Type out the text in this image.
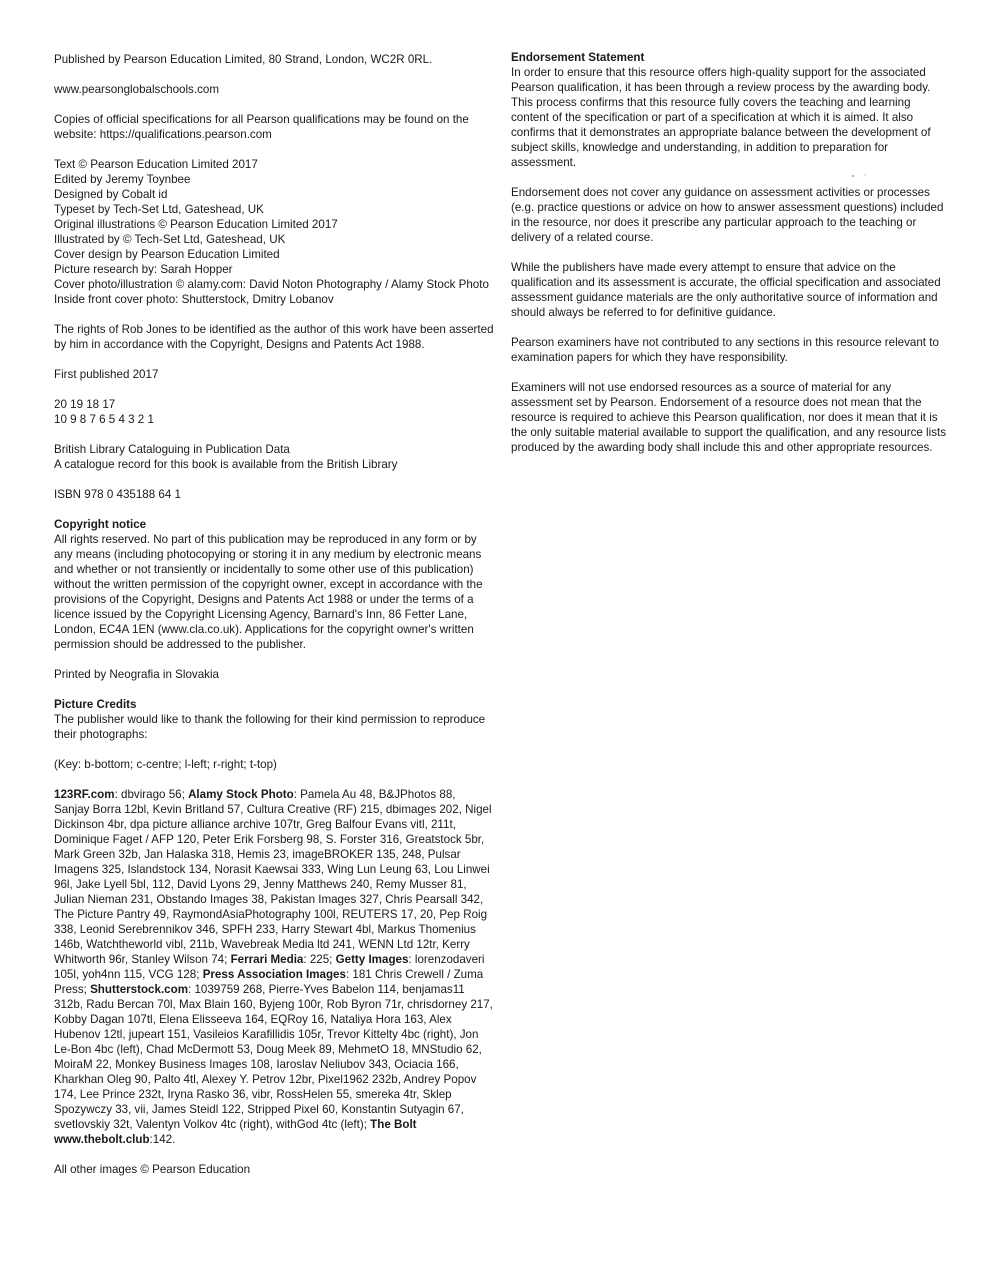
Published by Pearson Education Limited, 80 Strand, London, WC2R 0RL.

www.pearsonglobalschools.com

Copies of official specifications for all Pearson qualifications may be found on the website: https://qualifications.pearson.com

Text © Pearson Education Limited 2017
Edited by Jeremy Toynbee
Designed by Cobalt id
Typeset by Tech-Set Ltd, Gateshead, UK
Original illustrations © Pearson Education Limited 2017
Illustrated by © Tech-Set Ltd, Gateshead, UK
Cover design by Pearson Education Limited
Picture research by: Sarah Hopper
Cover photo/illustration © alamy.com: David Noton Photography / Alamy Stock Photo
Inside front cover photo: Shutterstock, Dmitry Lobanov

The rights of Rob Jones to be identified as the author of this work have been asserted by him in accordance with the Copyright, Designs and Patents Act 1988.

First published 2017

20 19 18 17
10 9 8 7 6 5 4 3 2 1

British Library Cataloguing in Publication Data
A catalogue record for this book is available from the British Library

ISBN 978 0 435188 64 1

Copyright notice

All rights reserved. No part of this publication may be reproduced in any form or by any means (including photocopying or storing it in any medium by electronic means and whether or not transiently or incidentally to some other use of this publication) without the written permission of the copyright owner, except in accordance with the provisions of the Copyright, Designs and Patents Act 1988 or under the terms of a licence issued by the Copyright Licensing Agency, Barnard's Inn, 86 Fetter Lane, London, EC4A 1EN (www.cla.co.uk). Applications for the copyright owner's written permission should be addressed to the publisher.

Printed by Neografia in Slovakia

Picture Credits

The publisher would like to thank the following for their kind permission to reproduce their photographs:

(Key: b-bottom; c-centre; l-left; r-right; t-top)

123RF.com: dbvirago 56; Alamy Stock Photo: Pamela Au 48, B&JPhotos 88, Sanjay Borra 12bl, Kevin Britland 57, Cultura Creative (RF) 215, dbimages 202, Nigel Dickinson 4br, dpa picture alliance archive 107tr, Greg Balfour Evans vitl, 211t, Dominique Faget / AFP 120, Peter Erik Forsberg 98, S. Forster 316, Greatstock 5br, Mark Green 32b, Jan Halaska 318, Hemis 23, imageBROKER 135, 248, Pulsar Imagens 325, Islandstock 134, Norasit Kaewsai 333, Wing Lun Leung 63, Lou Linwei 96l, Jake Lyell 5bl, 112, David Lyons 29, Jenny Matthews 240, Remy Musser 81, Julian Nieman 231, Obstando Images 38, Pakistan Images 327, Chris Pearsall 342, The Picture Pantry 49, RaymondAsiaPhotography 100l, REUTERS 17, 20, Pep Roig 338, Leonid Serebrennikov 346, SPFH 233, Harry Stewart 4bl, Markus Thomenius 146b, Watchtheworld vibl, 211b, Wavebreak Media ltd 241, WENN Ltd 12tr, Kerry Whitworth 96r, Stanley Wilson 74; Ferrari Media: 225; Getty Images: lorenzodaveri 105l, yoh4nn 115, VCG 128; Press Association Images: 181 Chris Crewell / Zuma Press; Shutterstock.com: 1039759 268, Pierre-Yves Babelon 114, benjamas11 312b, Radu Bercan 70l, Max Blain 160, Byjeng 100r, Rob Byron 71r, chrisdorney 217, Kobby Dagan 107tl, Elena Elisseeva 164, EQRoy 16, Nataliya Hora 163, Alex Hubenov 12tl, jupeart 151, Vasileios Karafillidis 105r, Trevor Kittelty 4bc (right), Jon Le-Bon 4bc (left), Chad McDermott 53, Doug Meek 89, MehmetO 18, MNStudio 62, MoiraM 22, Monkey Business Images 108, Iaroslav Neliubov 343, Ociacia 166, Kharkhan Oleg 90, Palto 4tl, Alexey Y. Petrov 12br, Pixel1962 232b, Andrey Popov 174, Lee Prince 232t, Iryna Rasko 36, vibr, RossHelen 55, smereka 4tr, Sklep Spozywczy 33, vii, James Steidl 122, Stripped Pixel 60, Konstantin Sutyagin 67, svetlovskiy 32t, Valentyn Volkov 4tc (right), withGod 4tc (left); The Bolt www.thebolt.club:142.

All other images © Pearson Education

Endorsement Statement

In order to ensure that this resource offers high-quality support for the associated Pearson qualification, it has been through a review process by the awarding body. This process confirms that this resource fully covers the teaching and learning content of the specification or part of a specification at which it is aimed. It also confirms that it demonstrates an appropriate balance between the development of subject skills, knowledge and understanding, in addition to preparation for assessment.

Endorsement does not cover any guidance on assessment activities or processes (e.g. practice questions or advice on how to answer assessment questions) included in the resource, nor does it prescribe any particular approach to the teaching or delivery of a related course.

While the publishers have made every attempt to ensure that advice on the qualification and its assessment is accurate, the official specification and associated assessment guidance materials are the only authoritative source of information and should always be referred to for definitive guidance.

Pearson examiners have not contributed to any sections in this resource relevant to examination papers for which they have responsibility.

Examiners will not use endorsed resources as a source of material for any assessment set by Pearson. Endorsement of a resource does not mean that the resource is required to achieve this Pearson qualification, nor does it mean that it is the only suitable material available to support the qualification, and any resource lists produced by the awarding body shall include this and other appropriate resources.
